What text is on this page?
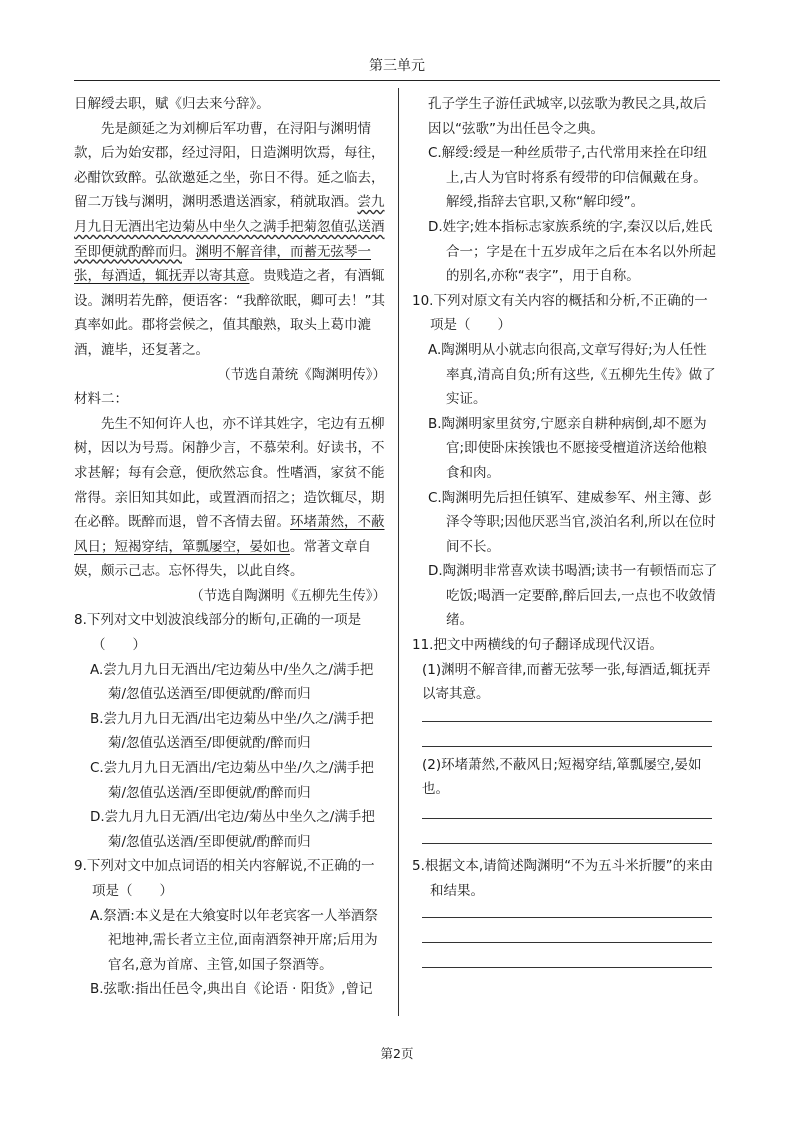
第三单元

日解绶去职，赋《归去来兮辞》。

先是颜延之为刘柳后军功曹，在浔阳与渊明情款，后为始安郡，经过浔阳，日造渊明饮焉，每往，必酣饮致醉。弘欲邀延之坐，弥日不得。延之临去，留二万钱与渊明，渊明悉遣送酒家，稍就取酒。尝九月九日无酒出宅边菊丛中坐久之满手把菊忽值弘送酒至即便就酌醉而归。渊明不解音律，而蓄无弦琴一张，每酒适，辄抚弄以寄其意。贵贱造之者，有酒辄设。渊明若先醉，便语客：“我醉欲眠，卿可去！”其真率如此。郡将尝候之，值其酿熟，取头上葛巾漉酒，漉毕，还复著之。

（节选自萧统《陶渊明传》）

材料二：

先生不知何许人也，亦不详其姓字，宅边有五柳树，因以为号焉。闲静少言，不慕荣利。好读书，不求甚解；每有会意，便欣然忘食。性嗜酒，家贫不能常得。亲旧知其如此，或置酒而招之；造饮辄尽，期在必醉。既醉而退，曾不吝情去留。环堵萧然，不蔽风日；短褐穿结，箪瓢屡空，晏如也。常著文章自娱，颇示己志。忘怀得失，以此自终。

（节选自陶渊明《五柳先生传》）

8.下列对文中划波浪线部分的断句,正确的一项是（　　）

A.尝九月九日无酒出/宅边菊丛中/坐久之/满手把菊/忽值弘送酒至/即便就酌/醉而归

B.尝九月九日无酒/出宅边菊丛中坐/久之/满手把菊/忽值弘送酒至/即便就酌/醉而归

C.尝九月九日无酒出/宅边菊丛中坐/久之/满手把菊/忽值弘送酒/至即便就/酌醉而归

D.尝九月九日无酒/出宅边/菊丛中坐久之/满手把菊/忽值弘送酒/至即便就/酌醉而归

9.下列对文中加点词语的相关内容解说,不正确的一项是（　　）

A.祭酒:本义是在大飨宴时以年老宾客一人举酒祭祀地神,需长者立主位,面南酒祭神开席;后用为官名,意为首席、主管,如国子祭酒等。

B.弦歌:指出任邑令,典出自《论语 · 阳货》,曾记

孔子学生子游任武城宰,以弦歌为教民之具,故后因以“弦歌”为出任邑令之典。

C.解绶:绶是一种丝质带子,古代常用来拴在印纽上,古人为官时将系有绶带的印信佩戴在身。解绶,指辞去官职,又称“解印绶”。

D.姓字;姓本指标志家族系统的字,秦汉以后,姓氏合一；字是在十五岁成年之后在本名以外所起的别名,亦称“表字”，用于自称。

10.下列对原文有关内容的概括和分析,不正确的一项是（　　）

A.陶渊明从小就志向很高,文章写得好;为人任性率真,清高自负;所有这些,《五柳先生传》做了实证。

B.陶渊明家里贫穷,宁愿亲自耕种病倒,却不愿为官;即使卧床挨饿也不愿接受檀道济送给他粮食和肉。

C.陶渊明先后担任镇军、建威参军、州主簿、彭泽令等职;因他厌恶当官,淡泊名利,所以在位时间不长。

D.陶渊明非常喜欢读书喝酒;读书一有顿悟而忘了吃饭;喝酒一定要醉,醉后回去,一点也不收敛情绪。

11.把文中两横线的句子翻译成现代汉语。

(1)渊明不解音律,而蓄无弦琴一张,每酒适,辄抚弄以寄其意。

(2)环堵萧然,不蔽风日;短褐穿结,箪瓢屡空,晏如也。

5.根据文本,请简述陶渊明“不为五斗米折腰”的来由和结果。

第2页
